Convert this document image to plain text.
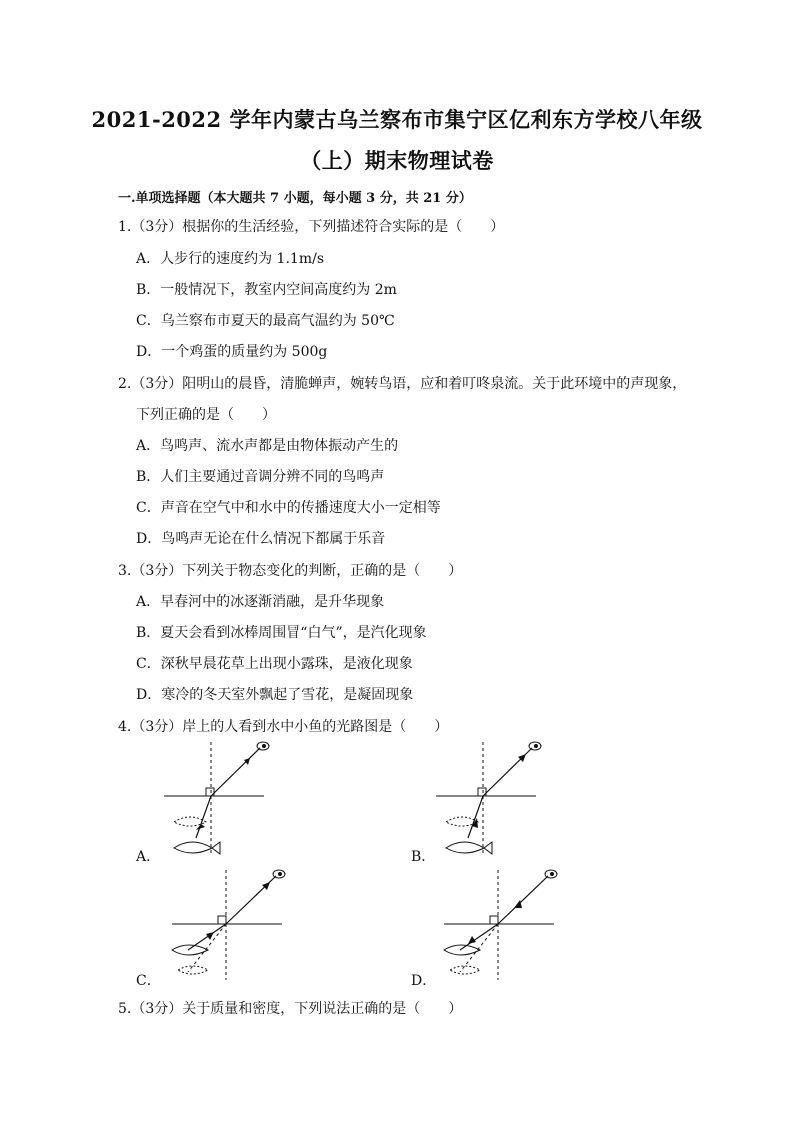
2021-2022 学年内蒙古乌兰察布市集宁区亿利东方学校八年级
（上）期末物理试卷
一.单项选择题（本大题共 7 小题，每小题 3 分，共 21 分）
1.（3分）根据你的生活经验，下列描述符合实际的是（　　）
A．人步行的速度约为 1.1m/s
B．一般情况下，教室内空间高度约为 2m
C．乌兰察布市夏天的最高气温约为 50℃
D．一个鸡蛋的质量约为 500g
2.（3分）阳明山的晨昏，清脆蝉声，婉转鸟语，应和着叮咚泉流。关于此环境中的声现象，
下列正确的是（　　）
A．鸟鸣声、流水声都是由物体振动产生的
B．人们主要通过音调分辨不同的鸟鸣声
C．声音在空气中和水中的传播速度大小一定相等
D．鸟鸣声无论在什么情况下都属于乐音
3.（3分）下列关于物态变化的判断，正确的是（　　）
A．早春河中的冰逐渐消融，是升华现象
B．夏天会看到冰棒周围冒“白气”，是汽化现象
C．深秋早晨花草上出现小露珠，是液化现象
D．寒冷的冬天室外飘起了雪花，是凝固现象
4.（3分）岸上的人看到水中小鱼的光路图是（　　）
A．	B．
C．	D．
5.（3分）关于质量和密度，下列说法正确的是（　　）
